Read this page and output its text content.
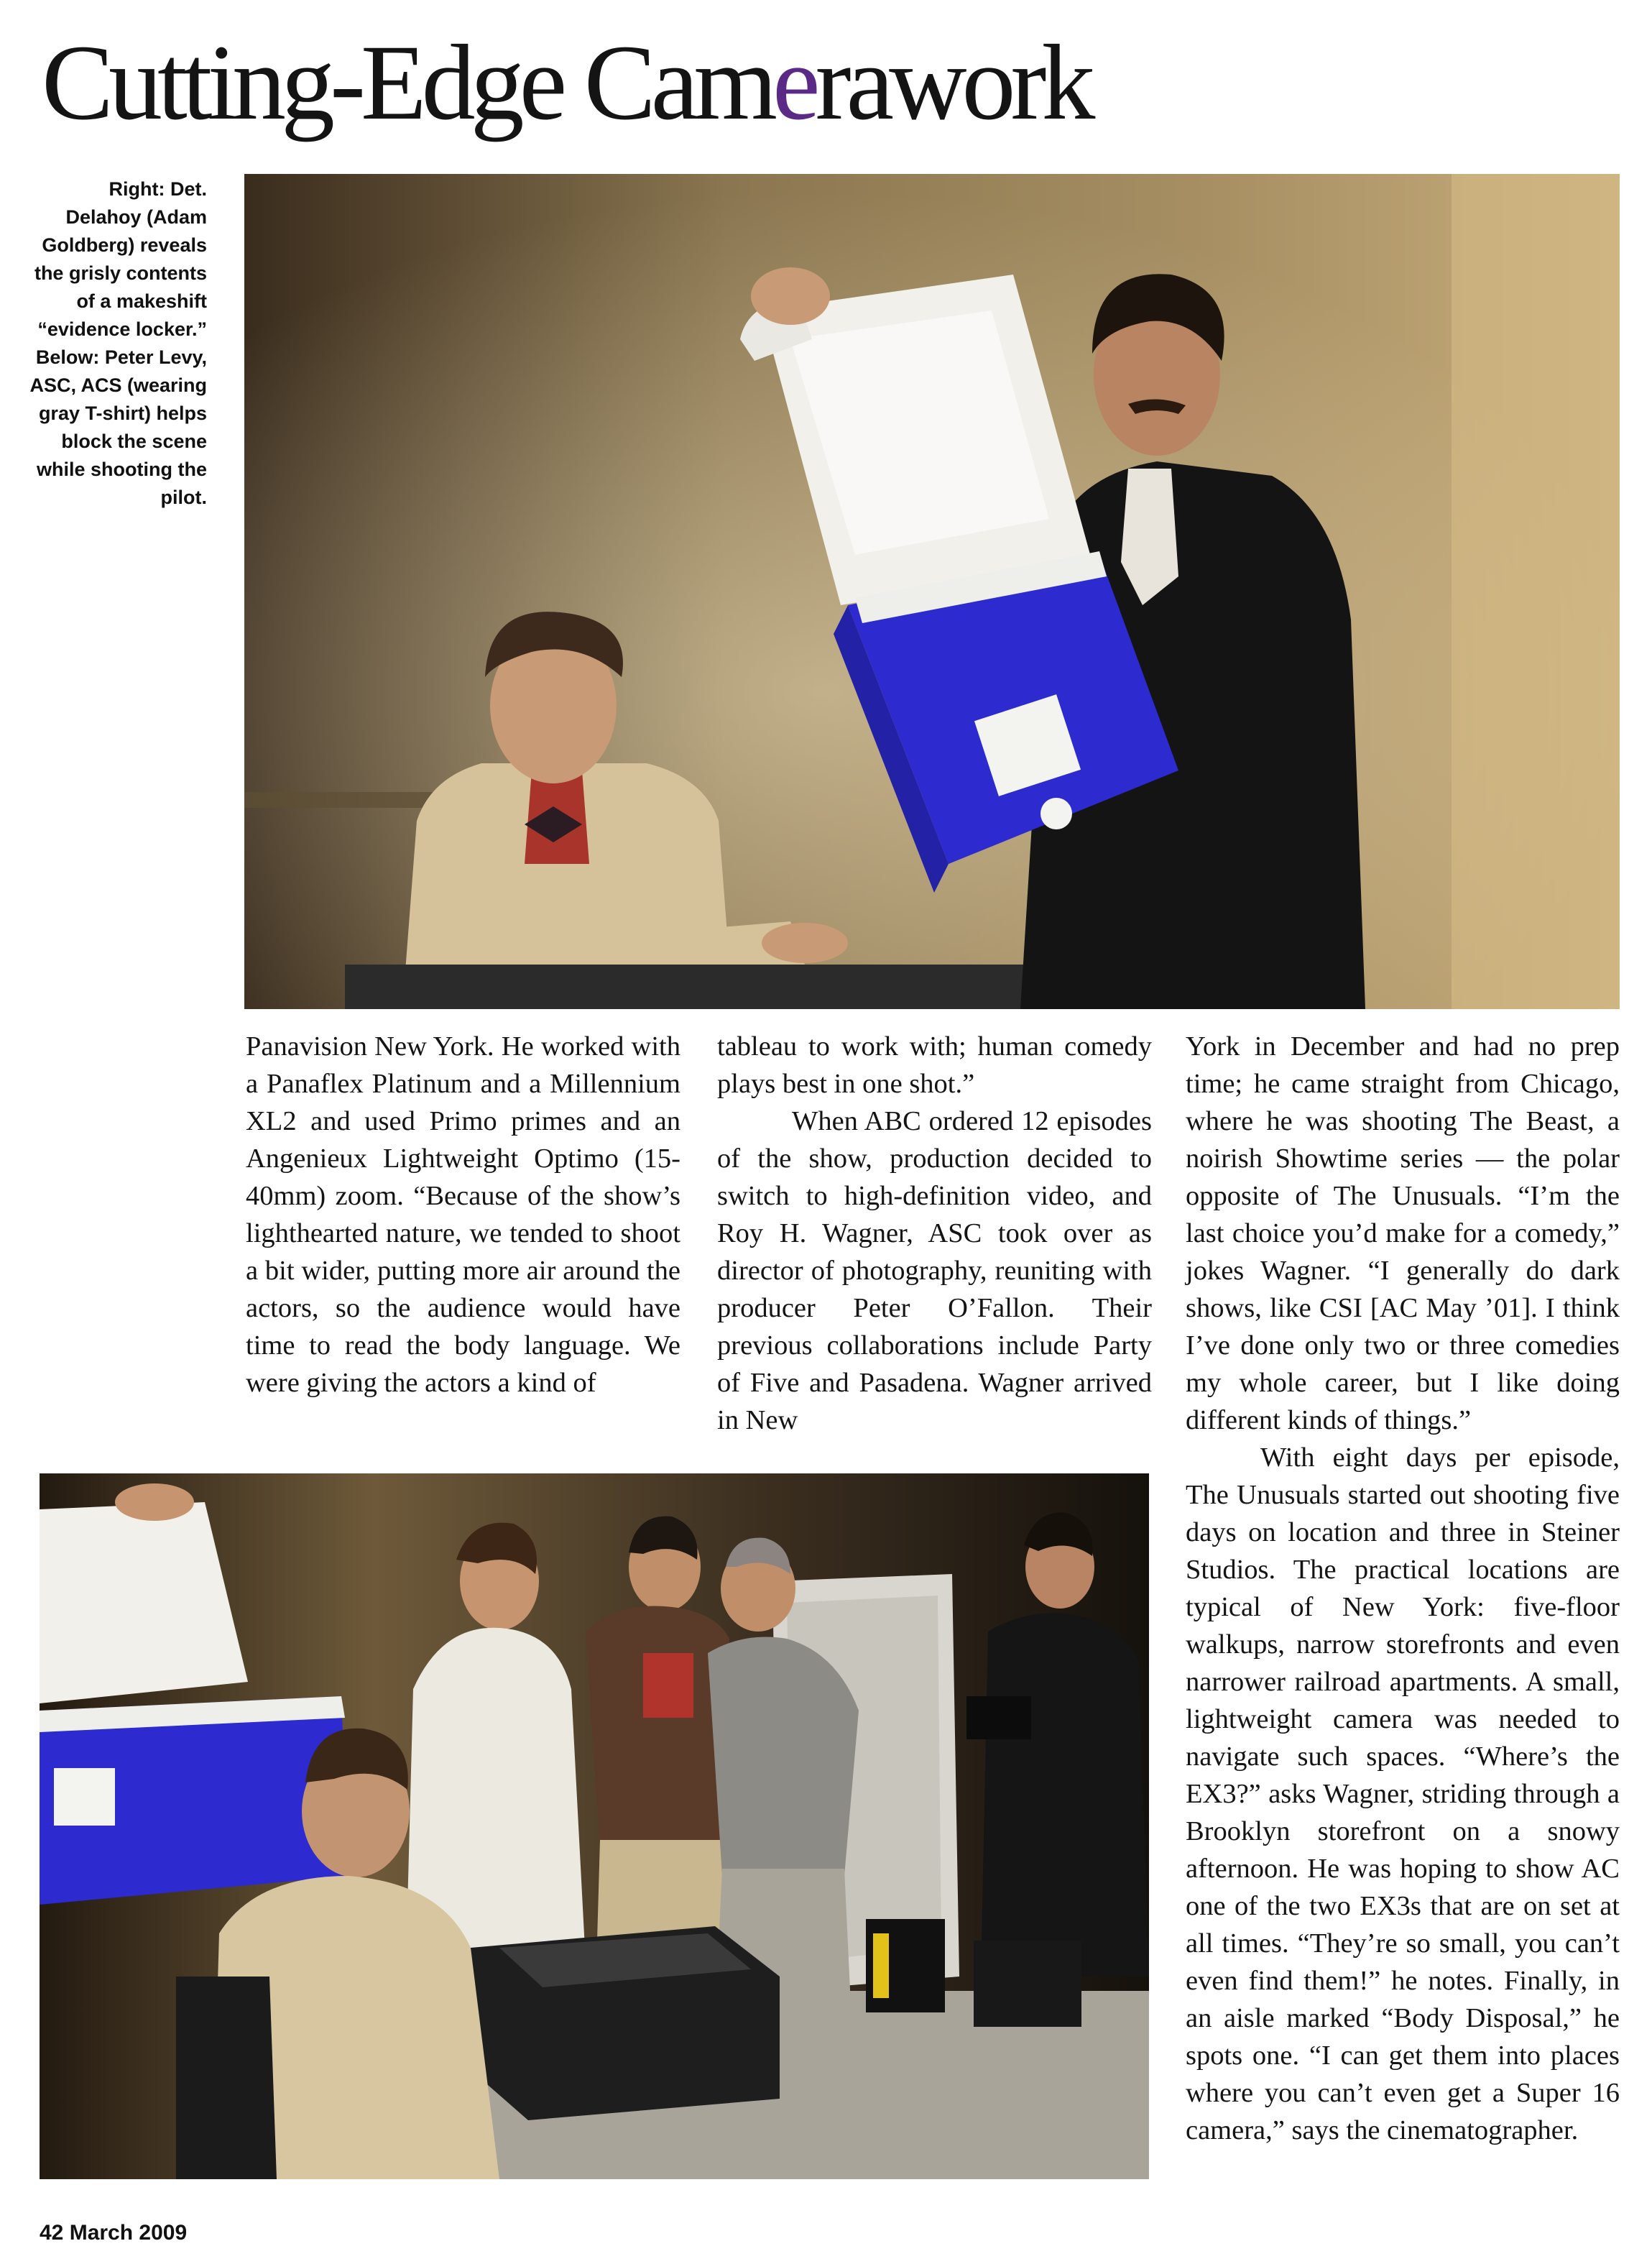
Cutting-Edge Camerawork

Right: Det. Delahoy (Adam Goldberg) reveals the grisly contents of a makeshift “evidence locker.” Below: Peter Levy, ASC, ACS (wearing gray T-shirt) helps block the scene while shooting the pilot.

Panavision New York. He worked with a Panaflex Platinum and a Millennium XL2 and used Primo primes and an Angenieux Lightweight Optimo (15-40mm) zoom. “Because of the show’s lighthearted nature, we tended to shoot a bit wider, putting more air around the actors, so the audience would have time to read the body language. We were giving the actors a kind of

tableau to work with; human comedy plays best in one shot.”

When ABC ordered 12 episodes of the show, production decided to switch to high-definition video, and Roy H. Wagner, ASC took over as director of photography, reuniting with producer Peter O’Fallon. Their previous collaborations include Party of Five and Pasadena. Wagner arrived in New

York in December and had no prep time; he came straight from Chicago, where he was shooting The Beast, a noirish Showtime series — the polar opposite of The Unusuals. “I’m the last choice you’d make for a comedy,” jokes Wagner. “I generally do dark shows, like CSI [AC May ’01]. I think I’ve done only two or three comedies my whole career, but I like doing different kinds of things.”

With eight days per episode, The Unusuals started out shooting five days on location and three in Steiner Studios. The practical locations are typical of New York: five-floor walkups, narrow storefronts and even narrower railroad apartments. A small, lightweight camera was needed to navigate such spaces. “Where’s the EX3?” asks Wagner, striding through a Brooklyn storefront on a snowy afternoon. He was hoping to show AC one of the two EX3s that are on set at all times. “They’re so small, you can’t even find them!” he notes. Finally, in an aisle marked “Body Disposal,” he spots one. “I can get them into places where you can’t even get a Super 16 camera,” says the cinematographer.

42 March 2009
